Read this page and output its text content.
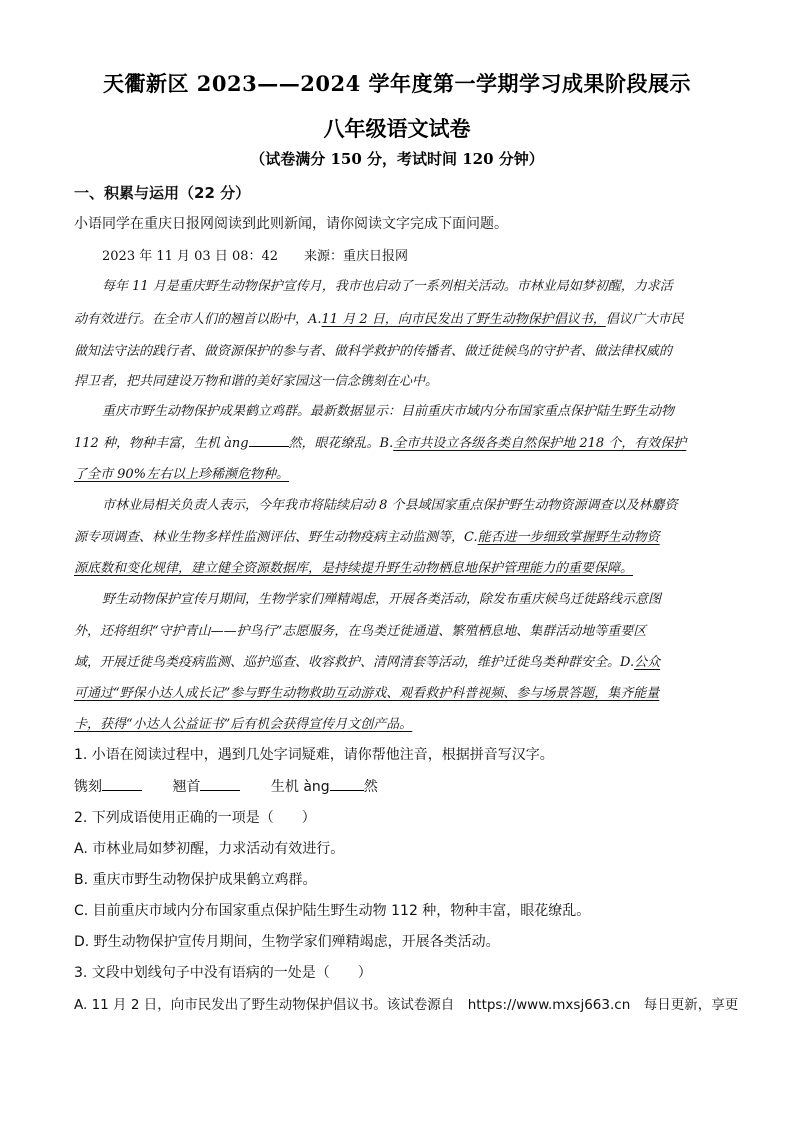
天衢新区 2023——2024 学年度第一学期学习成果阶段展示
八年级语文试卷
（试卷满分 150 分，考试时间 120 分钟）
一、积累与运用（22 分）
小语同学在重庆日报网阅读到此则新闻，请你阅读文字完成下面问题。
2023 年 11 月 03 日 08：42　　来源：重庆日报网
每年 11 月是重庆野生动物保护宣传月，我市也启动了一系列相关活动。市林业局如梦初醒，力求活
动有效进行。在全市人们的翘首以盼中，A.11 月 2 日，向市民发出了野生动物保护倡议书，倡议广大市民
做知法守法的践行者、做资源保护的参与者、做科学救护的传播者、做迁徙候鸟的守护者、做法律权威的
捍卫者，把共同建设万物和谐的美好家园这一信念镌刻在心中。
重庆市野生动物保护成果鹤立鸡群。最新数据显示：目前重庆市域内分布国家重点保护陆生野生动物
112 种，物种丰富，生机 àng	然，眼花缭乱。B.全市共设立各级各类自然保护地 218 个，有效保护
了全市 90%左右以上珍稀濒危物种。
市林业局相关负责人表示，今年我市将陆续启动 8 个县域国家重点保护野生动物资源调查以及林麝资
源专项调查、林业生物多样性监测评估、野生动物疫病主动监测等，C.能否进一步细致掌握野生动物资
源底数和变化规律，建立健全资源数据库，是持续提升野生动物栖息地保护管理能力的重要保障。
野生动物保护宣传月期间，生物学家们殚精竭虑，开展各类活动，除发布重庆候鸟迁徙路线示意图
外，还将组织“守护青山——护鸟行”志愿服务，在鸟类迁徙通道、繁殖栖息地、集群活动地等重要区
域，开展迁徙鸟类疫病监测、巡护巡查、收容救护、清网清套等活动，维护迁徙鸟类种群安全。D.公众
可通过“野保小达人成长记”参与野生动物救助互动游戏、观看救护科普视频、参与场景答题，集齐能量
卡，获得“小达人公益证书”后有机会获得宣传月文创产品。
1. 小语在阅读过程中，遇到几处字词疑难，请你帮他注音，根据拼音写汉字。
镌刻	翘首	生机 àng 然
2. 下列成语使用正确的一项是（　　）
A. 市林业局如梦初醒，力求活动有效进行。
B. 重庆市野生动物保护成果鹤立鸡群。
C. 目前重庆市域内分布国家重点保护陆生野生动物 112 种，物种丰富，眼花缭乱。
D. 野生动物保护宣传月期间，生物学家们殚精竭虑，开展各类活动。
3. 文段中划线句子中没有语病的一处是（　　）
A. 11 月 2 日，向市民发出了野生动物保护倡议书。该试卷源自　https://www.mxsj663.cn　每日更新，享更
